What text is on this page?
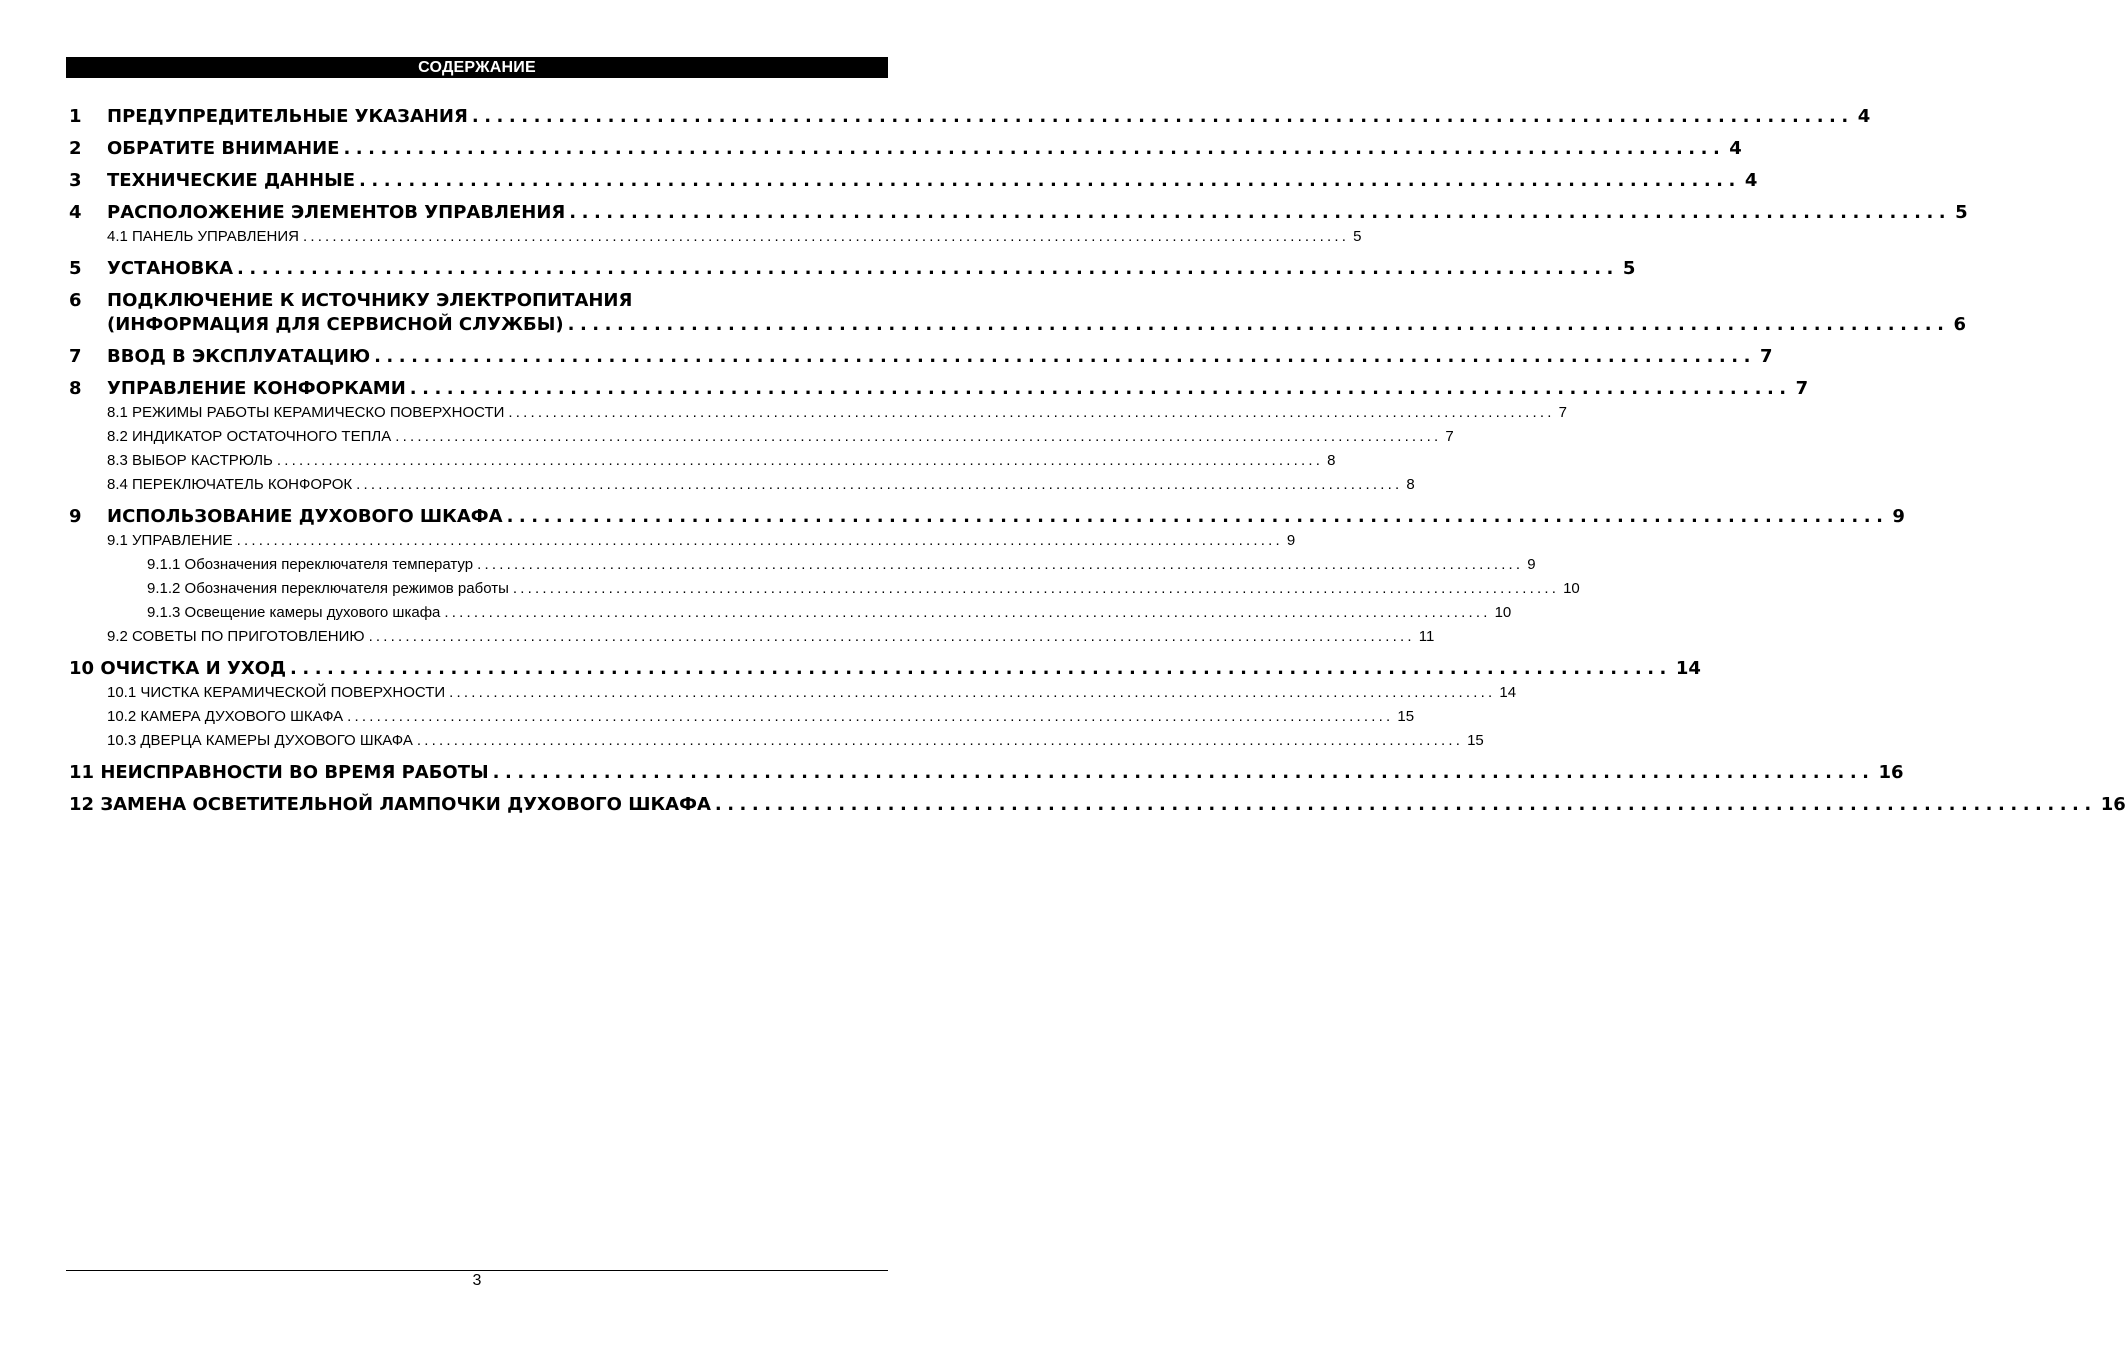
СОДЕРЖАНИЕ
1 ПРЕДУПРЕДИТЕЛЬНЫЕ УКАЗАНИЯ ................................................................................................................ 4
2 ОБРАТИТЕ ВНИМАНИЕ ................................................................................................................ 4
3 ТЕХНИЧЕСКИЕ ДАННЫЕ ................................................................................................................ 4
4 РАСПОЛОЖЕНИЕ ЭЛЕМЕНТОВ УПРАВЛЕНИЯ ................................................................................................................ 5
4.1 ПАНЕЛЬ УПРАВЛЕНИЯ .............................................................................................................................................. 5
5 УСТАНОВКА ................................................................................................................ 5
6 ПОДКЛЮЧЕНИЕ К ИСТОЧНИКУ ЭЛЕКТРОПИТАНИЯ
(ИНФОРМАЦИЯ ДЛЯ СЕРВИСНОЙ СЛУЖБЫ) ................................................................................................................ 6
7 ВВОД В ЭКСПЛУАТАЦИЮ ................................................................................................................ 7
8 УПРАВЛЕНИЕ КОНФОРКАМИ ................................................................................................................ 7
8.1 РЕЖИМЫ РАБОТЫ КЕРАМИЧЕСКО ПОВЕРХНОСТИ .............................................................................................................................................. 7
8.2 ИНДИКАТОР ОСТАТОЧНОГО ТЕПЛА .............................................................................................................................................. 7
8.3 ВЫБОР КАСТРЮЛЬ .............................................................................................................................................. 8
8.4 ПЕРЕКЛЮЧАТЕЛЬ КОНФОРОК .............................................................................................................................................. 8
9 ИСПОЛЬЗОВАНИЕ ДУХОВОГО ШКАФА ................................................................................................................ 9
9.1 УПРАВЛЕНИЕ .............................................................................................................................................. 9
9.1.1 Обозначения переключателя температур .............................................................................................................................................. 9
9.1.2 Обозначения переключателя режимов работы .............................................................................................................................................. 10
9.1.3 Освещение камеры духового шкафа .............................................................................................................................................. 10
9.2 СОВЕТЫ ПО ПРИГОТОВЛЕНИЮ .............................................................................................................................................. 11
10 ОЧИСТКА И УХОД ................................................................................................................ 14
10.1 ЧИСТКА КЕРАМИЧЕСКОЙ ПОВЕРХНОСТИ .............................................................................................................................................. 14
10.2 КАМЕРА ДУХОВОГО ШКАФА .............................................................................................................................................. 15
10.3 ДВЕРЦА КАМЕРЫ ДУХОВОГО ШКАФА .............................................................................................................................................. 15
11 НЕИСПРАВНОСТИ ВО ВРЕМЯ РАБОТЫ ................................................................................................................ 16
12 ЗАМЕНА ОСВЕТИТЕЛЬНОЙ ЛАМПОЧКИ ДУХОВОГО ШКАФА ................................................................................................................ 16
3
